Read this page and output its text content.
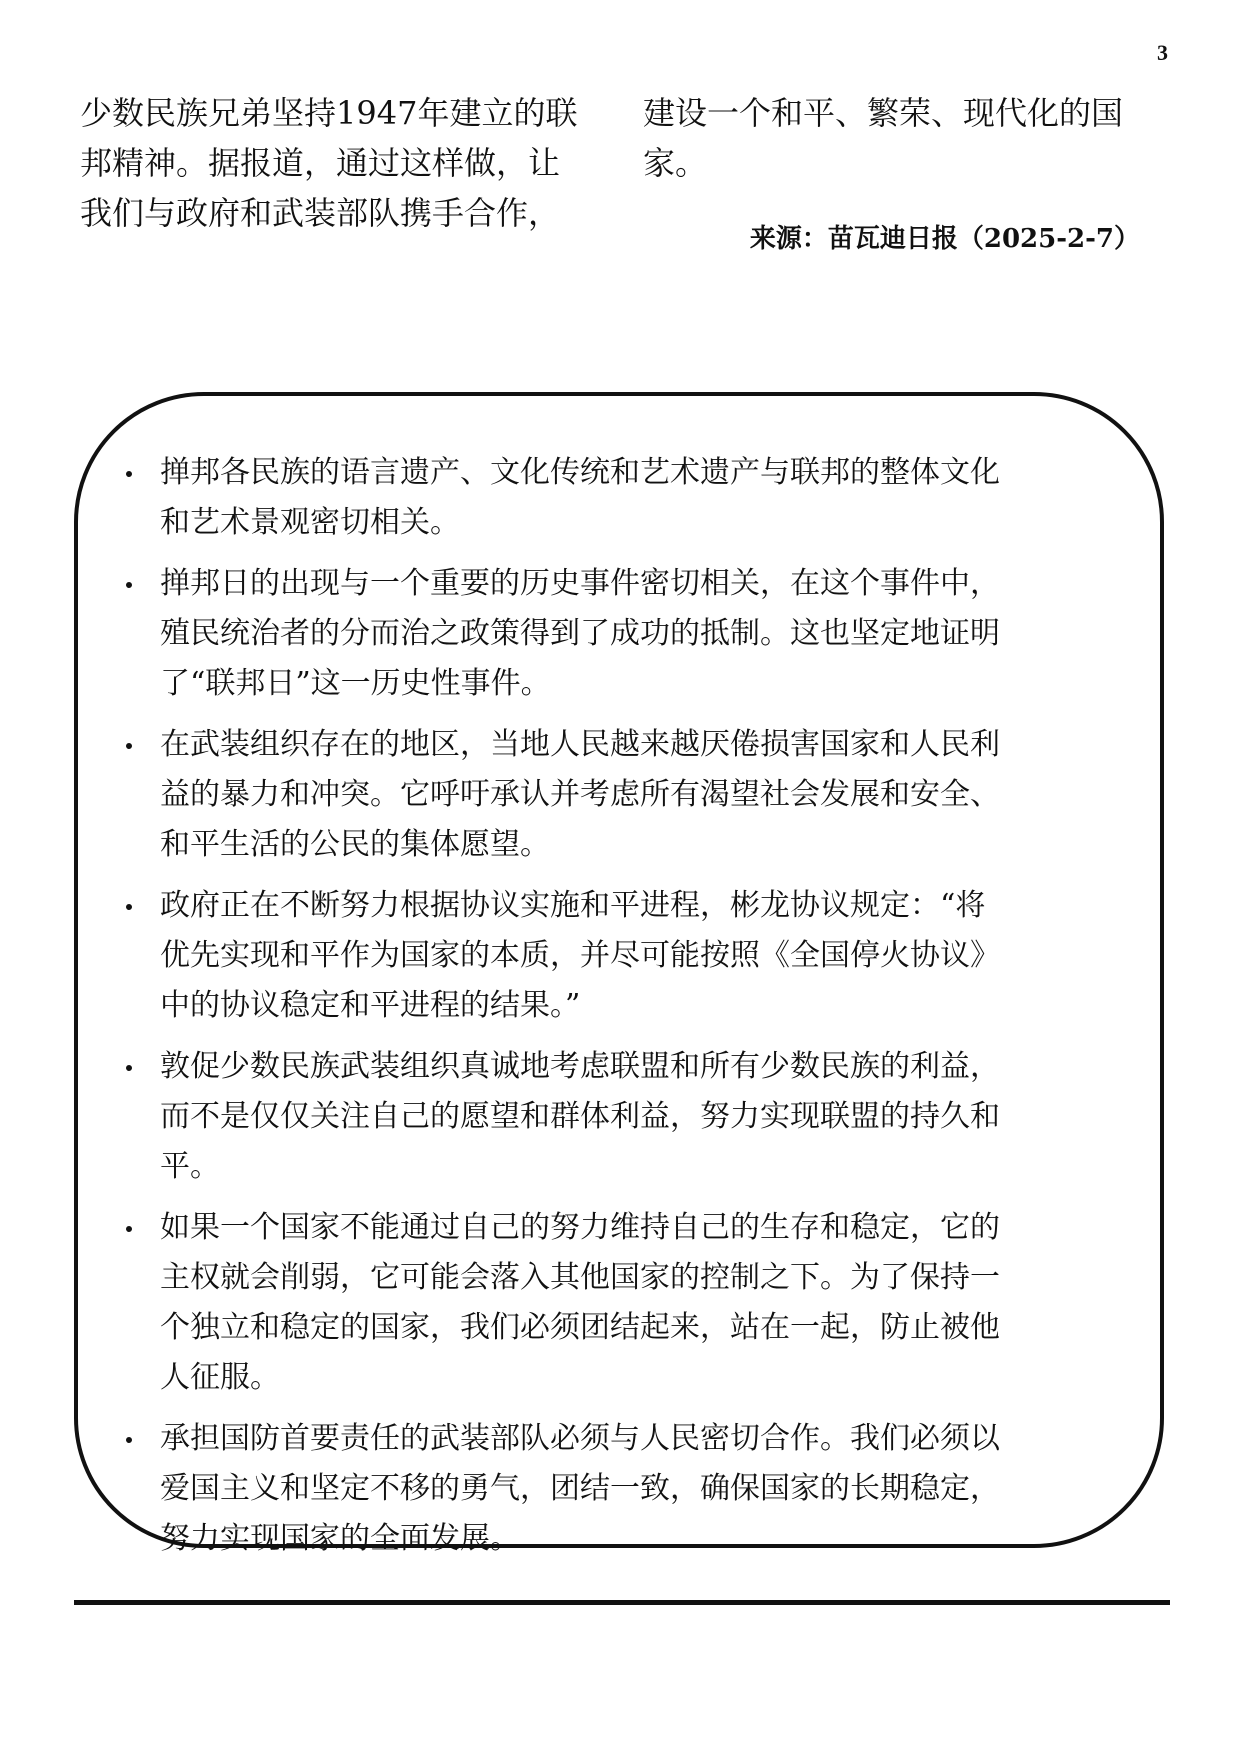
3
少数民族兄弟坚持1947年建立的联
邦精神。据报道，通过这样做，让
我们与政府和武装部队携手合作，
建设一个和平、繁荣、现代化的国
家。
来源：苗瓦迪日报（2025-2-7）
掸邦各民族的语言遗产、文化传统和艺术遗产与联邦的整体文化
和艺术景观密切相关。
掸邦日的出现与一个重要的历史事件密切相关，在这个事件中，
殖民统治者的分而治之政策得到了成功的抵制。这也坚定地证明
了“联邦日”这一历史性事件。
在武装组织存在的地区，当地人民越来越厌倦损害国家和人民利
益的暴力和冲突。它呼吁承认并考虑所有渴望社会发展和安全、
和平生活的公民的集体愿望。
政府正在不断努力根据协议实施和平进程，彬龙协议规定：“将
优先实现和平作为国家的本质，并尽可能按照《全国停火协议》
中的协议稳定和平进程的结果。”
敦促少数民族武装组织真诚地考虑联盟和所有少数民族的利益，
而不是仅仅关注自己的愿望和群体利益，努力实现联盟的持久和
平。
如果一个国家不能通过自己的努力维持自己的生存和稳定，它的
主权就会削弱，它可能会落入其他国家的控制之下。为了保持一
个独立和稳定的国家，我们必须团结起来，站在一起，防止被他
人征服。
承担国防首要责任的武装部队必须与人民密切合作。我们必须以
爱国主义和坚定不移的勇气，团结一致，确保国家的长期稳定，
努力实现国家的全面发展。
